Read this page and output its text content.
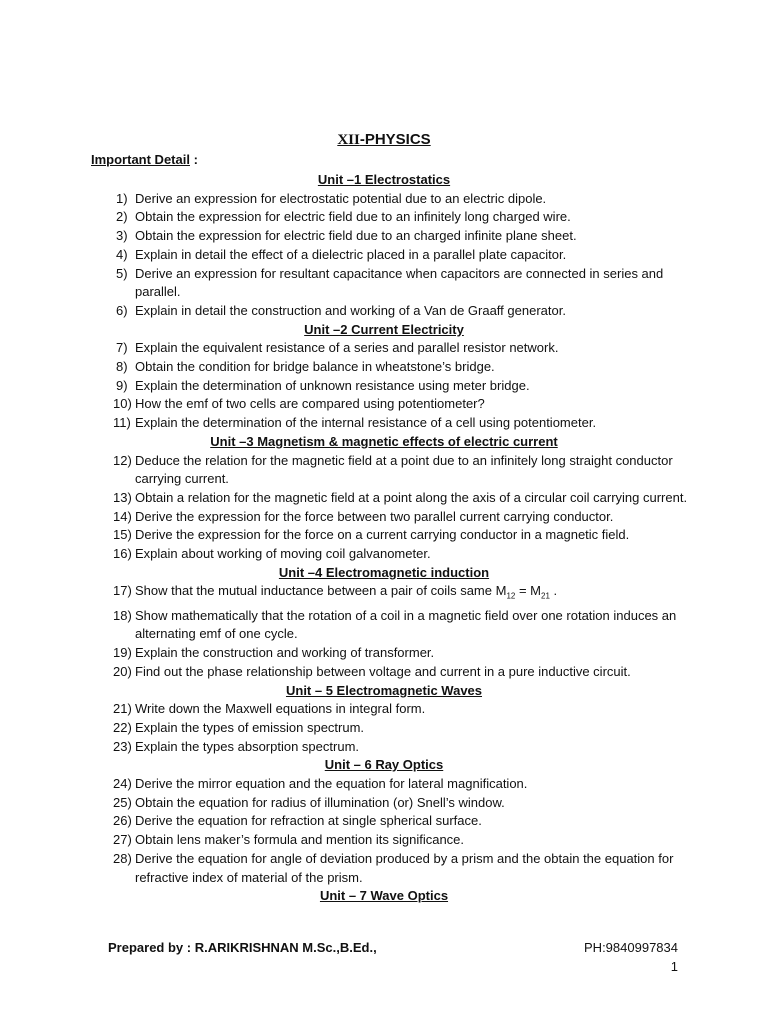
XII-PHYSICS
Important Detail :
Unit –1 Electrostatics
1) Derive an expression for electrostatic potential due to an electric dipole.
2) Obtain the expression for electric field due to an infinitely long charged wire.
3) Obtain the expression for electric field due to an charged infinite plane sheet.
4) Explain in detail the effect of a dielectric placed in a parallel plate capacitor.
5) Derive an expression for resultant capacitance when capacitors are connected in series and parallel.
6) Explain in detail the construction and working of a Van de Graaff generator.
Unit –2 Current Electricity
7) Explain the equivalent resistance of a series and parallel resistor network.
8) Obtain the condition for bridge balance in wheatstone’s bridge.
9) Explain the determination of unknown resistance using meter bridge.
10) How the emf of two cells are compared using potentiometer?
11) Explain the determination of the internal resistance of a cell using potentiometer.
Unit –3 Magnetism & magnetic effects of electric current
12) Deduce the relation for the magnetic field at a point due to an infinitely long straight conductor carrying current.
13) Obtain a relation for the magnetic field at a point along the axis of a circular coil carrying current.
14) Derive the expression for the force between two parallel current carrying conductor.
15) Derive the expression for the force on a current carrying conductor in a magnetic field.
16) Explain about working of moving coil galvanometer.
Unit –4 Electromagnetic induction
17) Show that the mutual inductance between a pair of coils same $M_{12} = M_{21}$ .
18) Show mathematically that the rotation of a coil in a magnetic field over one rotation induces an alternating emf of one cycle.
19) Explain the construction and working of transformer.
20) Find out the phase relationship between voltage and current in a pure inductive circuit.
Unit – 5 Electromagnetic Waves
21) Write down the Maxwell equations in integral form.
22) Explain the types of emission spectrum.
23) Explain the types absorption spectrum.
Unit – 6 Ray Optics
24) Derive the mirror equation and the equation for lateral magnification.
25) Obtain the equation for radius of illumination (or) Snell’s window.
26) Derive the equation for refraction at single spherical surface.
27) Obtain lens maker’s formula and mention its significance.
28) Derive the equation for angle of deviation produced by a prism and the obtain the equation for refractive index of material of the prism.
Unit – 7 Wave Optics
Prepared by : R.ARIKRISHNAN M.Sc.,B.Ed.,	PH:9840997834
1
